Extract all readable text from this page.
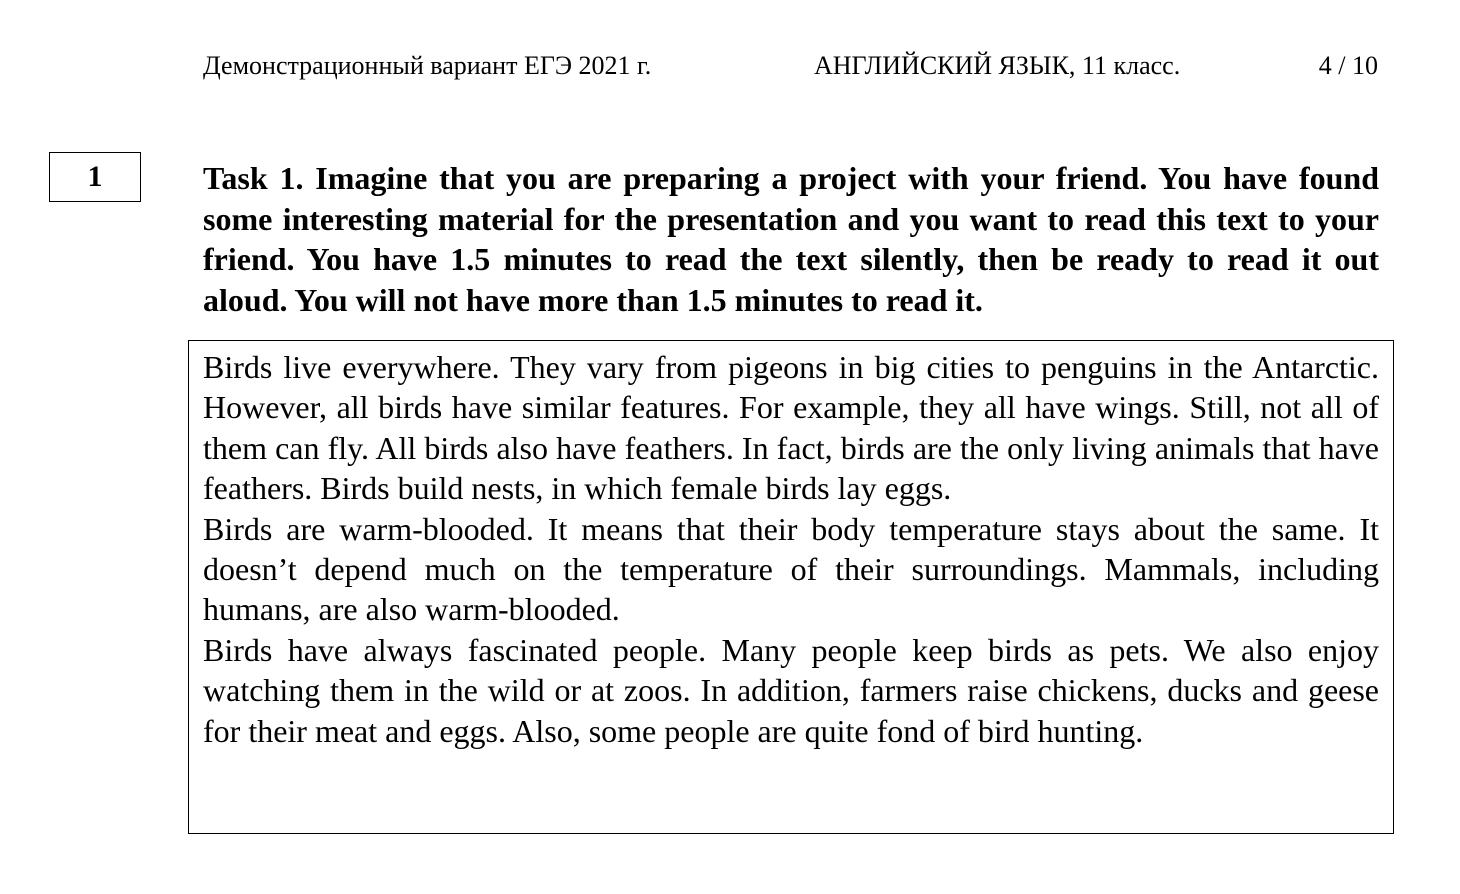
Демонстрационный вариант ЕГЭ 2021 г.	АНГЛИЙСКИЙ ЯЗЫК, 11 класс.	4 / 10
1	Task 1. Imagine that you are preparing a project with your friend. You have found some interesting material for the presentation and you want to read this text to your friend. You have 1.5 minutes to read the text silently, then be ready to read it out aloud. You will not have more than 1.5 minutes to read it.

Birds live everywhere. They vary from pigeons in big cities to penguins in the Antarctic. However, all birds have similar features. For example, they all have wings. Still, not all of them can fly. All birds also have feathers. In fact, birds are the only living animals that have feathers. Birds build nests, in which female birds lay eggs.

Birds are warm-blooded. It means that their body temperature stays about the same. It doesn’t depend much on the temperature of their surroundings. Mammals, including humans, are also warm-blooded.

Birds have always fascinated people. Many people keep birds as pets. We also enjoy watching them in the wild or at zoos. In addition, farmers raise chickens, ducks and geese for their meat and eggs. Also, some people are quite fond of bird hunting.
